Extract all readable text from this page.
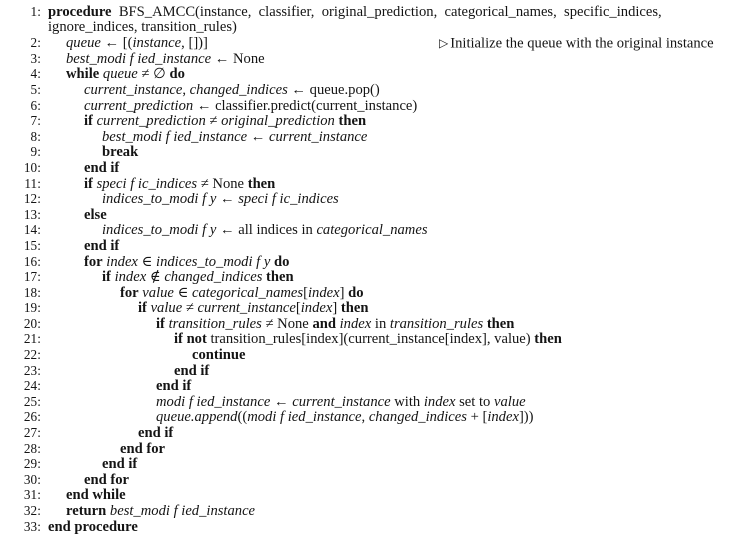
1: procedure BFS_AMCC(instance,  classifier,  original_prediction,  categorical_names,  specific_indices,
ignore_indices, transition_rules)
2:	queue ← [(instance, [])]	▷ Initialize the queue with the original instance
3:	best_modi f ied_instance ← None
4:	while queue ≠ ∅ do
5:	current_instance, changed_indices ← queue.pop()
6:	current_prediction ← classifier.predict(current_instance)
7:	if current_prediction ≠ original_prediction then
8:	best_modi f ied_instance ← current_instance
9:	break
10:	end if
11:	if speci f ic_indices ≠ None then
12:	indices_to_modi f y ← speci f ic_indices
13:	else
14:	indices_to_modi f y ← all indices in categorical_names
15:	end if
16:	for index ∈ indices_to_modi f y do
17:	if index ∉ changed_indices then
18:	for value ∈ categorical_names[index] do
19:	if value ≠ current_instance[index] then
20:	if transition_rules ≠ None and index in transition_rules then
21:	if not transition_rules[index](current_instance[index], value) then
22:	continue
23:	end if
24:	end if
25:	modi f ied_instance ← current_instance with index set to value
26:	queue.append((modi f ied_instance, changed_indices + [index]))
27:	end if
28:	end for
29:	end if
30:	end for
31:	end while
32:	return best_modi f ied_instance
33: end procedure
